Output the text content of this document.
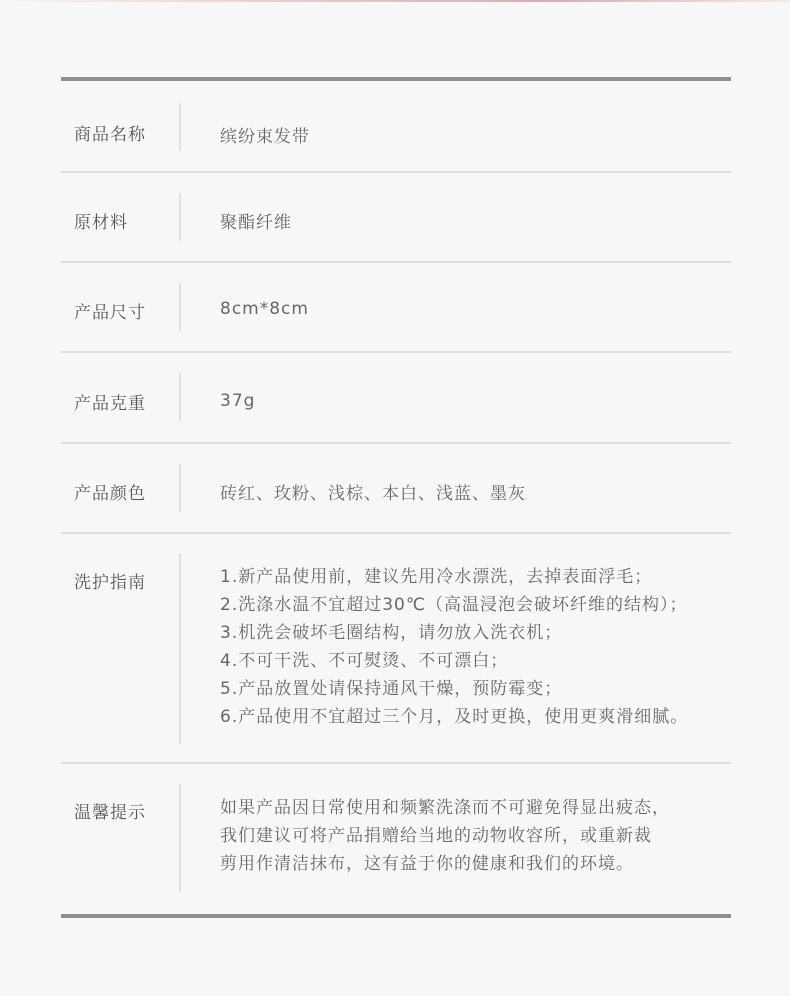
商品名称	缤纷束发带
原材料	聚酯纤维
产品尺寸	8cm*8cm
产品克重	37g
产品颜色	砖红、玫粉、浅棕、本白、浅蓝、墨灰
洗护指南	1.新产品使用前，建议先用冷水漂洗，去掉表面浮毛；
2.洗涤水温不宜超过30℃（高温浸泡会破坏纤维的结构）；
3.机洗会破坏毛圈结构，请勿放入洗衣机；
4.不可干洗、不可熨烫、不可漂白；
5.产品放置处请保持通风干燥，预防霉变；
6.产品使用不宜超过三个月，及时更换，使用更爽滑细腻。
温馨提示	如果产品因日常使用和频繁洗涤而不可避免得显出疲态，
我们建议可将产品捐赠给当地的动物收容所，或重新裁
剪用作清洁抹布，这有益于你的健康和我们的环境。
